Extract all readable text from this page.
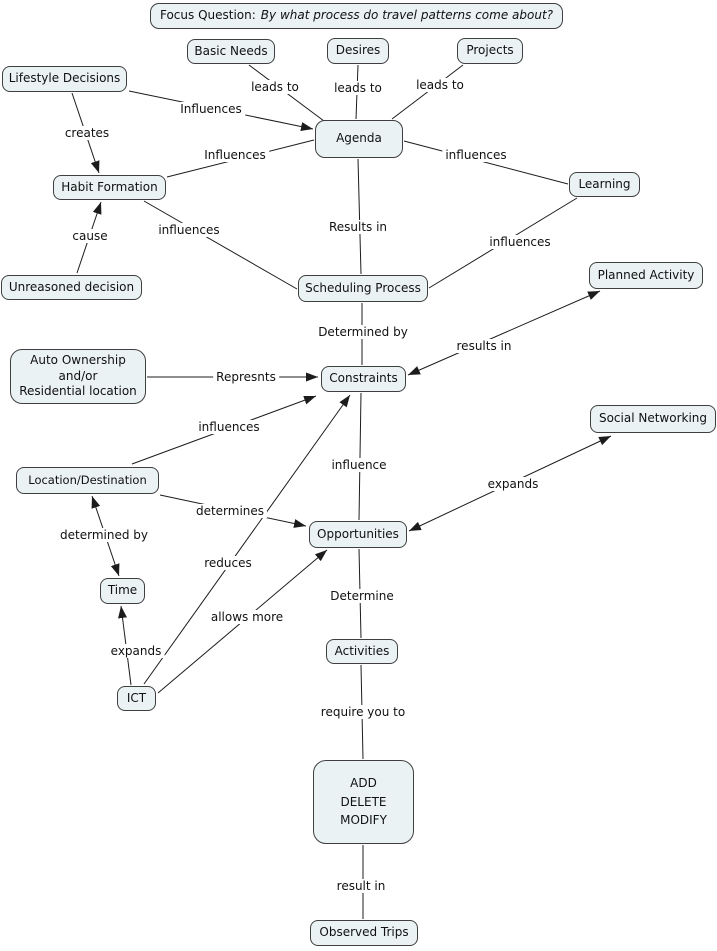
Focus Question: By what process do travel patterns come about?
Basic Needs	Desires	Projects
Lifestyle Decisions
Agenda
Habit Formation	Learning
Unreasoned decision	Scheduling Process
Planned Activity
Auto Ownership
and/or
Residential location
Constraints
Social Networking
Location/Destination
Opportunities
Time
ICT
Activities
ADD
DELETE
MODIFY
Observed Trips
leads to	leads to	leads to
Influences
creates
Influences
cause	influences	Results in
influences
influences
Determined by
results in
Represnts
influences
reduces
influence
determines
determined by
expands
allows more
expands
Determine
require you to
result in
